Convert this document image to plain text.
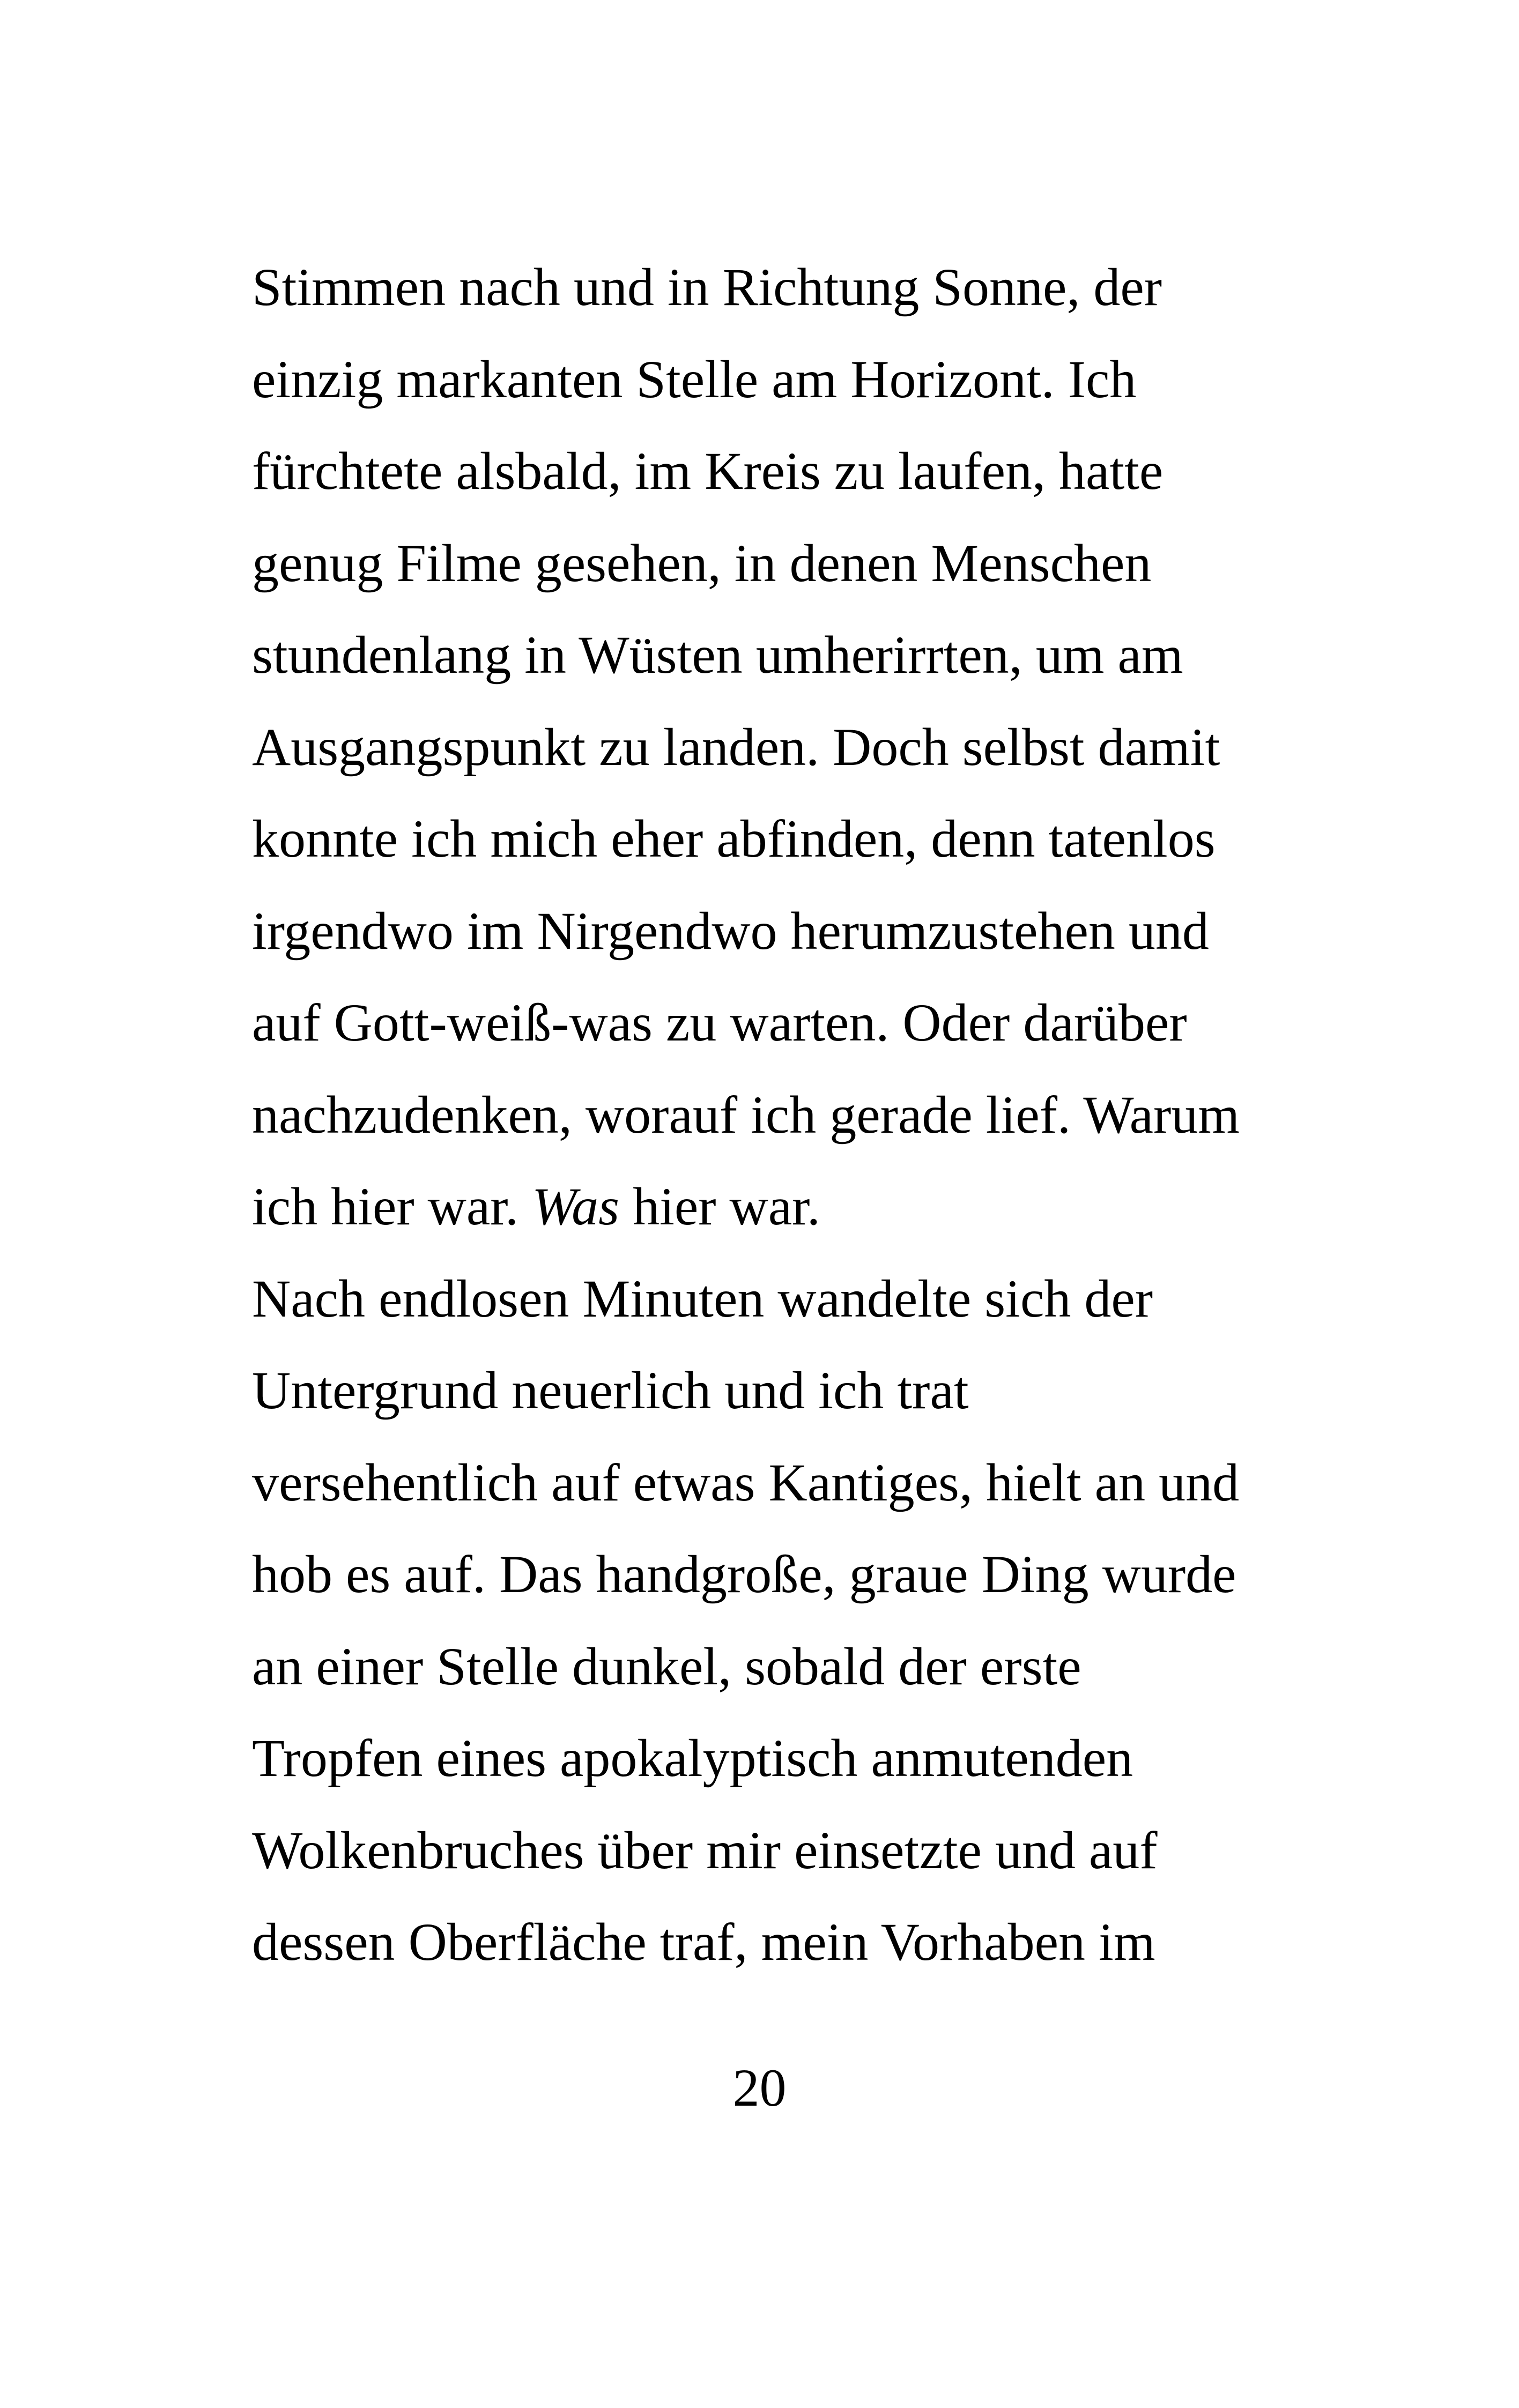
Stimmen nach und in Richtung Sonne, der
einzig markanten Stelle am Horizont. Ich
fürchtete alsbald, im Kreis zu laufen, hatte
genug Filme gesehen, in denen Menschen
stundenlang in Wüsten umherirrten, um am
Ausgangspunkt zu landen. Doch selbst damit
konnte ich mich eher abfinden, denn tatenlos
irgendwo im Nirgendwo herumzustehen und
auf Gott-weiß-was zu warten. Oder darüber
nachzudenken, worauf ich gerade lief. Warum
ich hier war. Was hier war.
Nach endlosen Minuten wandelte sich der
Untergrund neuerlich und ich trat
versehentlich auf etwas Kantiges, hielt an und
hob es auf. Das handgroße, graue Ding wurde
an einer Stelle dunkel, sobald der erste
Tropfen eines apokalyptisch anmutenden
Wolkenbruches über mir einsetzte und auf
dessen Oberfläche traf, mein Vorhaben im
20
